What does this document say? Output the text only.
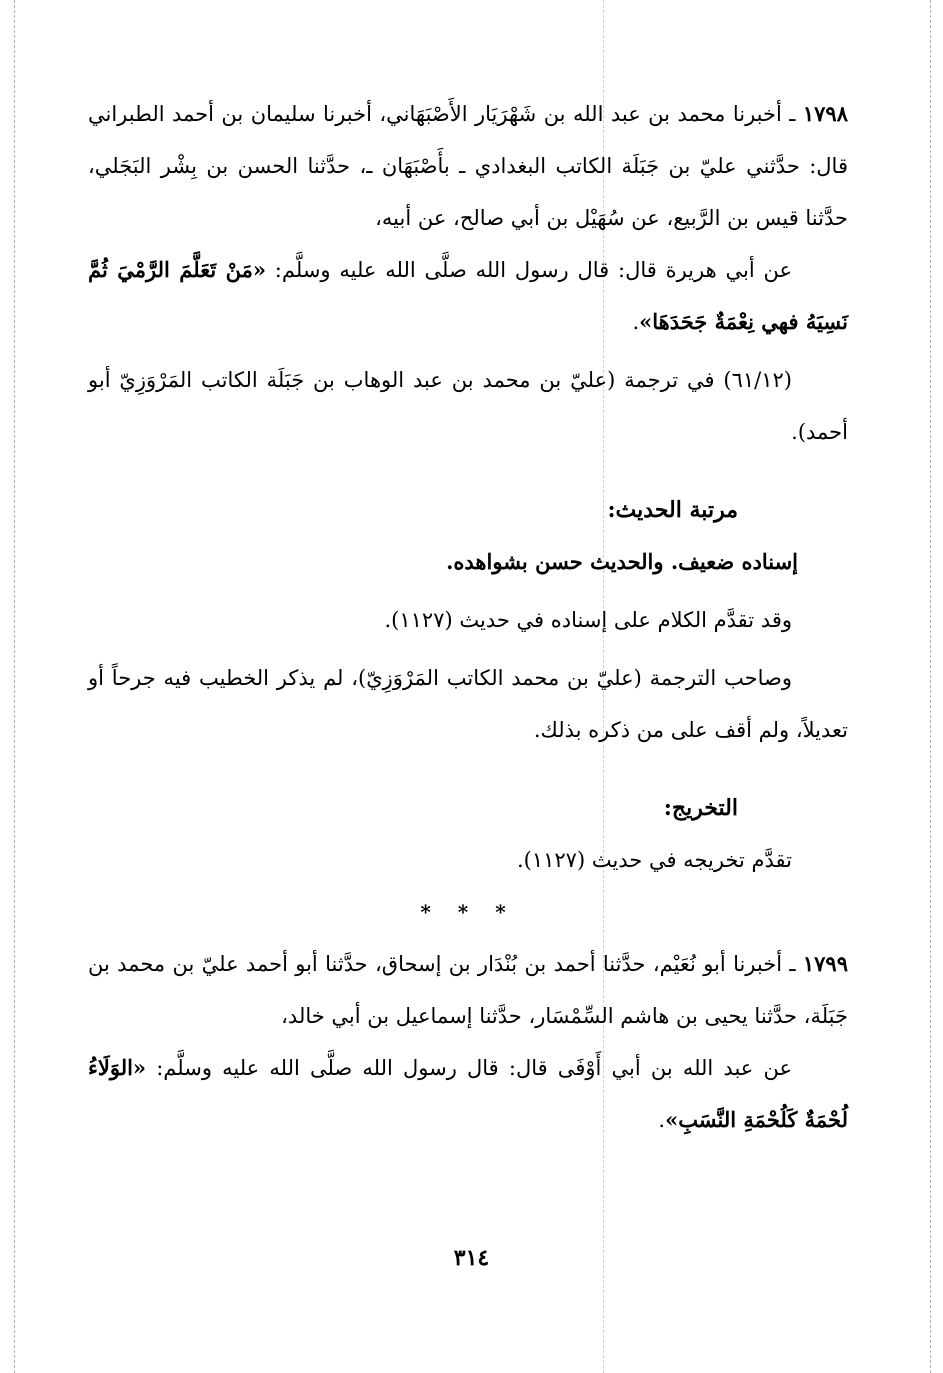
١٧٩٨ ـ أخبرنا محمد بن عبد الله بن شَهْرَيَار الأَصْبَهَاني، أخبرنا سليمان بن أحمد الطبراني قال: حدَّثني عليّ بن جَبَلَة الكاتب البغدادي ـ بأَصْبَهَان ـ، حدَّثنا الحسن بن بِشْر البَجَلي، حدَّثنا قيس بن الرَّبيع، عن سُهَيْل بن أبي صالح، عن أبيه،

عن أبي هريرة قال: قال رسول الله صلَّى الله عليه وسلَّم: «مَنْ تَعَلَّمَ الرَّمْيَ ثُمَّ نَسِيَهُ فهي نِعْمَةٌ جَحَدَهَا».

(٦١/١٢) في ترجمة (عليّ بن محمد بن عبد الوهاب بن جَبَلَة الكاتب المَرْوَزِيّ أبو أحمد).

مرتبة الحديث:

إسناده ضعيف. والحديث حسن بشواهده.

وقد تقدَّم الكلام على إسناده في حديث (١١٢٧).

وصاحب الترجمة (عليّ بن محمد الكاتب المَرْوَزِيّ)، لم يذكر الخطيب فيه جرحاً أو تعديلاً، ولم أقف على من ذكره بذلك.

التخريج:

تقدَّم تخريجه في حديث (١١٢٧).

* * *

١٧٩٩ ـ أخبرنا أبو نُعَيْم، حدَّثنا أحمد بن بُنْدَار بن إسحاق، حدَّثنا أبو أحمد عليّ بن محمد بن جَبَلَة، حدَّثنا يحيى بن هاشم السِّمْسَار، حدَّثنا إسماعيل بن أبي خالد،

عن عبد الله بن أبي أَوْفَى قال: قال رسول الله صلَّى الله عليه وسلَّم: «الوَلَاءُ لُحْمَةٌ كَلُحْمَةِ النَّسَبِ».

٣١٤
